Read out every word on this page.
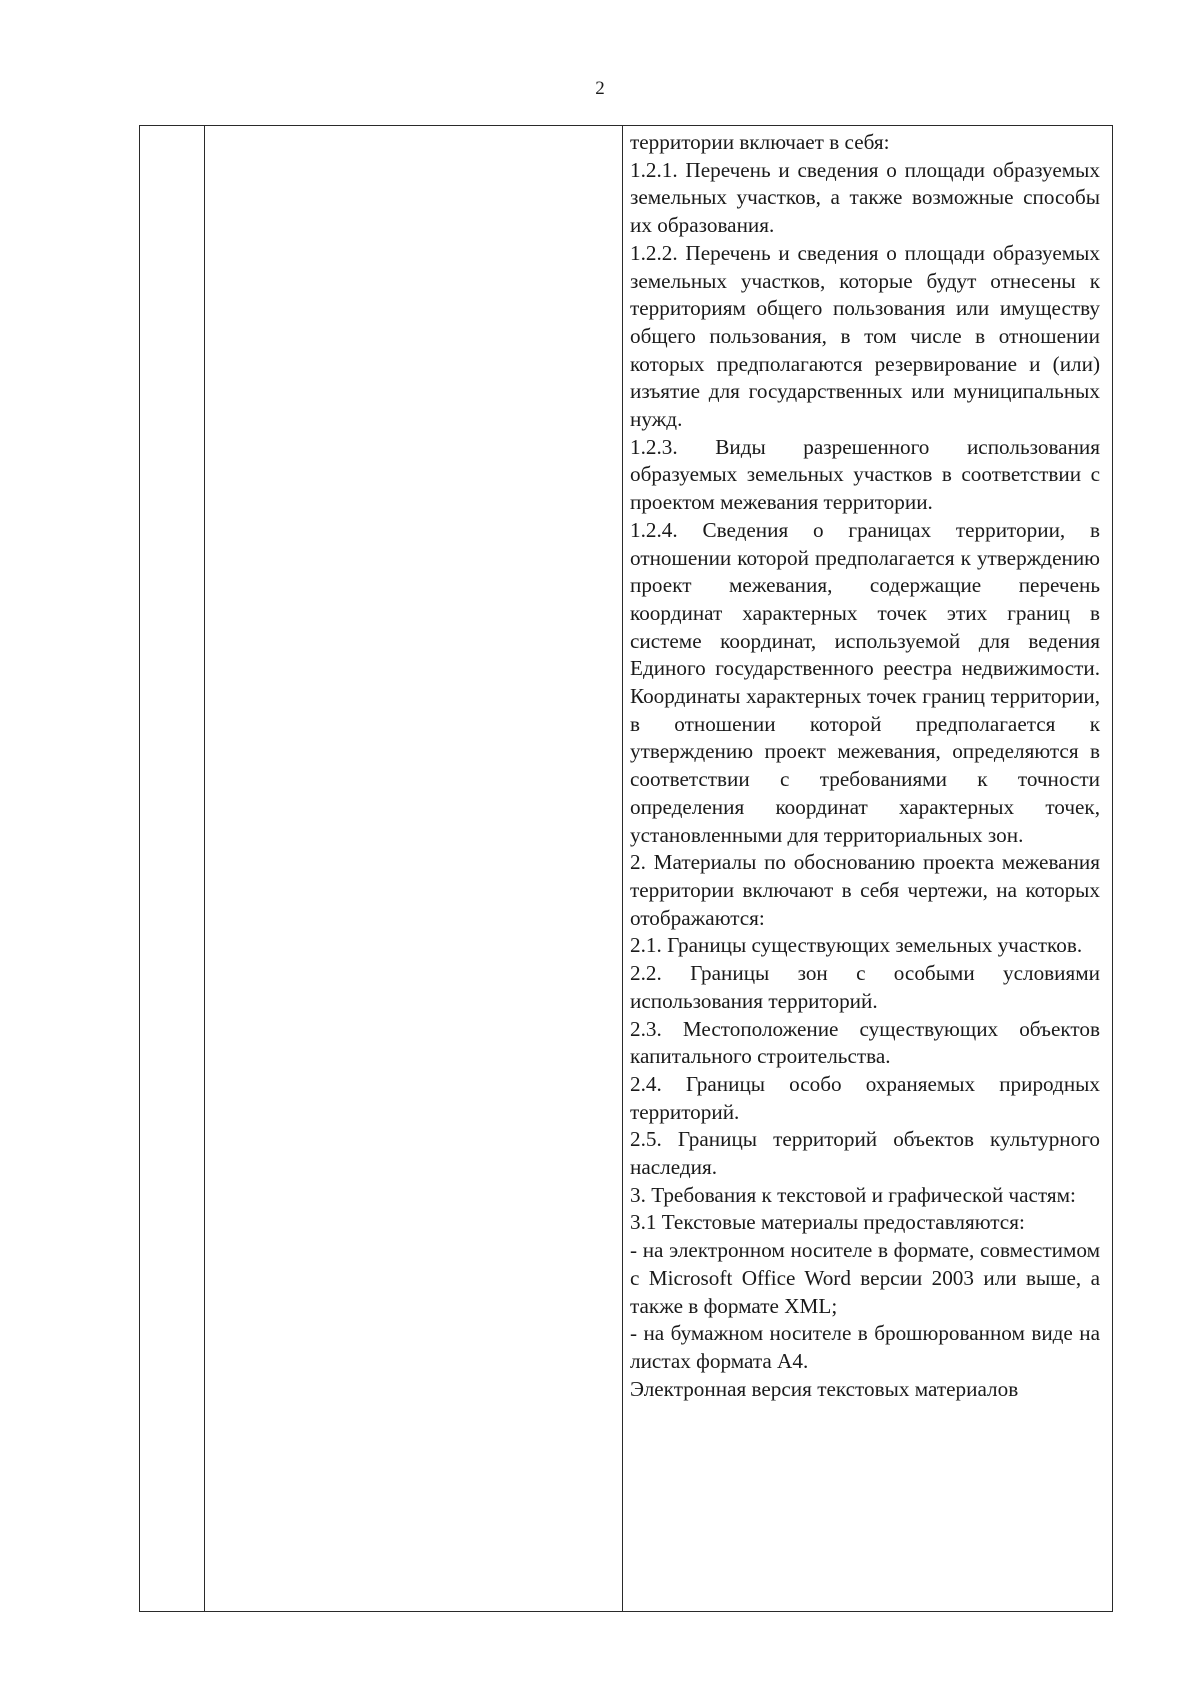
2

территории включает в себя:

1.2.1. Перечень и сведения о площади образуемых земельных участков, а также возможные способы их образования.

1.2.2. Перечень и сведения о площади образуемых земельных участков, которые будут отнесены к территориям общего пользования или имуществу общего пользования, в том числе в отношении которых предполагаются резервирование и (или) изъятие для государственных или муниципальных нужд.

1.2.3. Виды разрешенного использования образуемых земельных участков в соответствии с проектом межевания территории.

1.2.4. Сведения о границах территории, в отношении которой предполагается к утверждению проект межевания, содержащие перечень координат характерных точек этих границ в системе координат, используемой для ведения Единого государственного реестра недвижимости. Координаты характерных точек границ территории, в отношении которой предполагается к утверждению проект межевания, определяются в соответствии с требованиями к точности определения координат характерных точек, установленными для территориальных зон.

2. Материалы по обоснованию проекта межевания территории включают в себя чертежи, на которых отображаются:

2.1. Границы существующих земельных участков.

2.2. Границы зон с особыми условиями использования территорий.

2.3. Местоположение существующих объектов капитального строительства.

2.4. Границы особо охраняемых природных территорий.

2.5. Границы территорий объектов культурного наследия.

3. Требования к текстовой и графической частям:

3.1 Текстовые материалы предоставляются:

- на электронном носителе в формате, совместимом с Microsoft Office Word версии 2003 или выше, а также в формате XML;

- на бумажном носителе в брошюрованном виде на листах формата А4.

Электронная версия текстовых материалов
